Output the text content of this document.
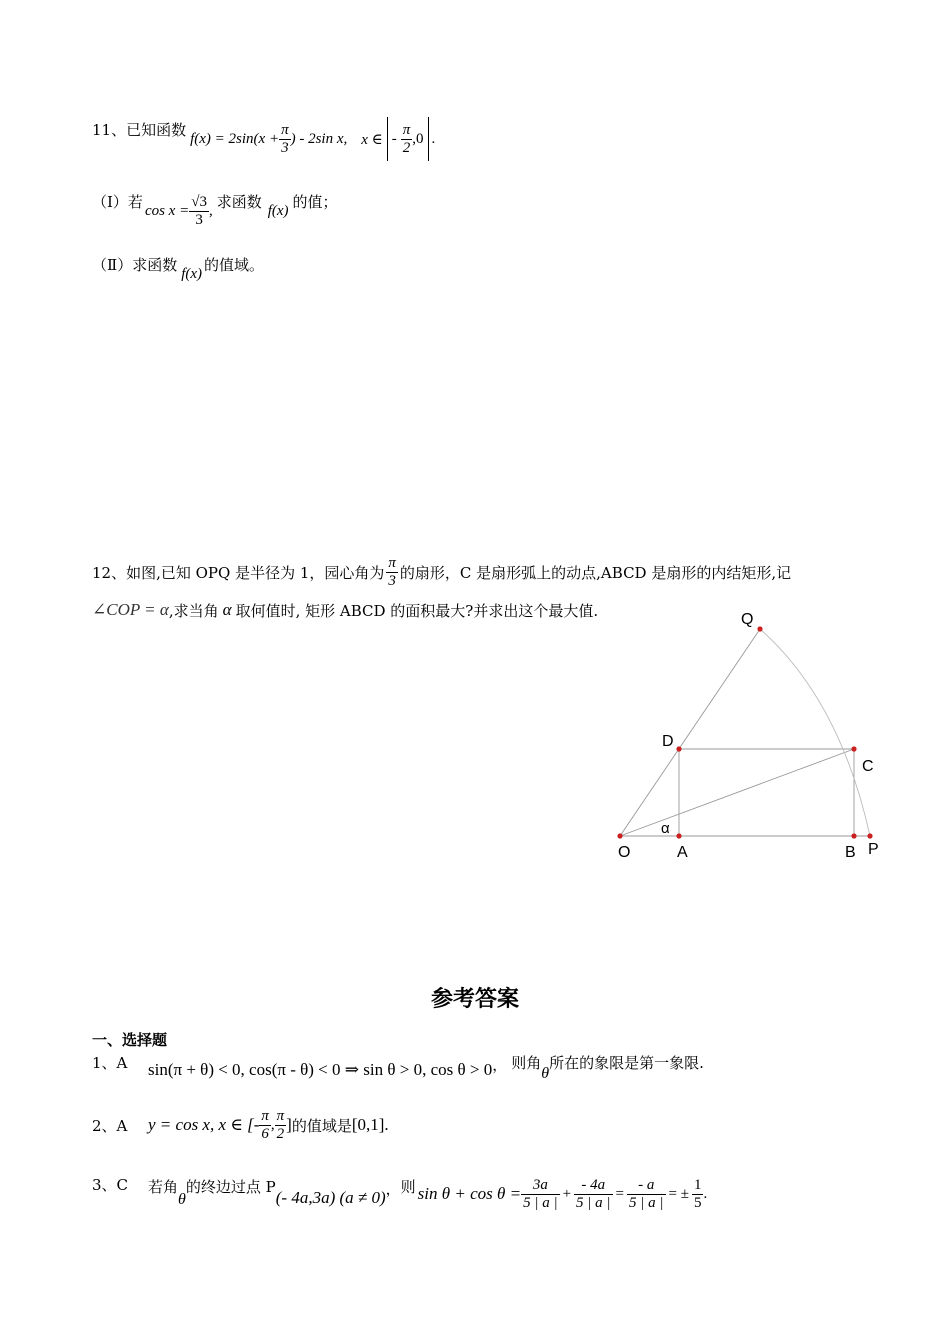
11、已知函数 $f(x) = 2\sin(x + \frac{\pi}{3}$ ) - 2sin x, x ∈ - $\frac{\pi}{2} ,0$ .
（Ⅰ）若 $\cos x = \frac{√3}{3}$ , 求函数 f(x) 的值；
（Ⅱ）求函数 f(x) 的值域。
12、如图,已知 OPQ 是半径为 1，园心角为 $\frac{\pi}{3}$ 的扇形，C 是扇形弧上的动点,ABCD 是扇形的内结矩形,记
∠COP = α ,求当角 α 取何值时, 矩形 ABCD 的面积最大?并求出这个最大值.	Q
D
C
O	A	B P
α
参考答案
一、选择题
1、A	sin(π + θ) < 0, cos(π - θ) < 0 ⇒ sin θ > 0, cos θ > 0 ， 则角
θ
所在的象限是第一象限.
2、A	y = cos x, x ∈ [- $\frac{\pi}{6}$ , $\frac{\pi}{2}$ ] 的值域是 [0,1].
3、C	若角
θ
的终边过点 P
(- 4a,3a) (a ≠ 0) ， 则 $\sin \theta + \cos \theta = \frac{3a}{5 | a |} + \frac{- 4a}{5 | a |} = \frac{- a}{5 | a |}$ = ± $\frac{1}{5}$ .
